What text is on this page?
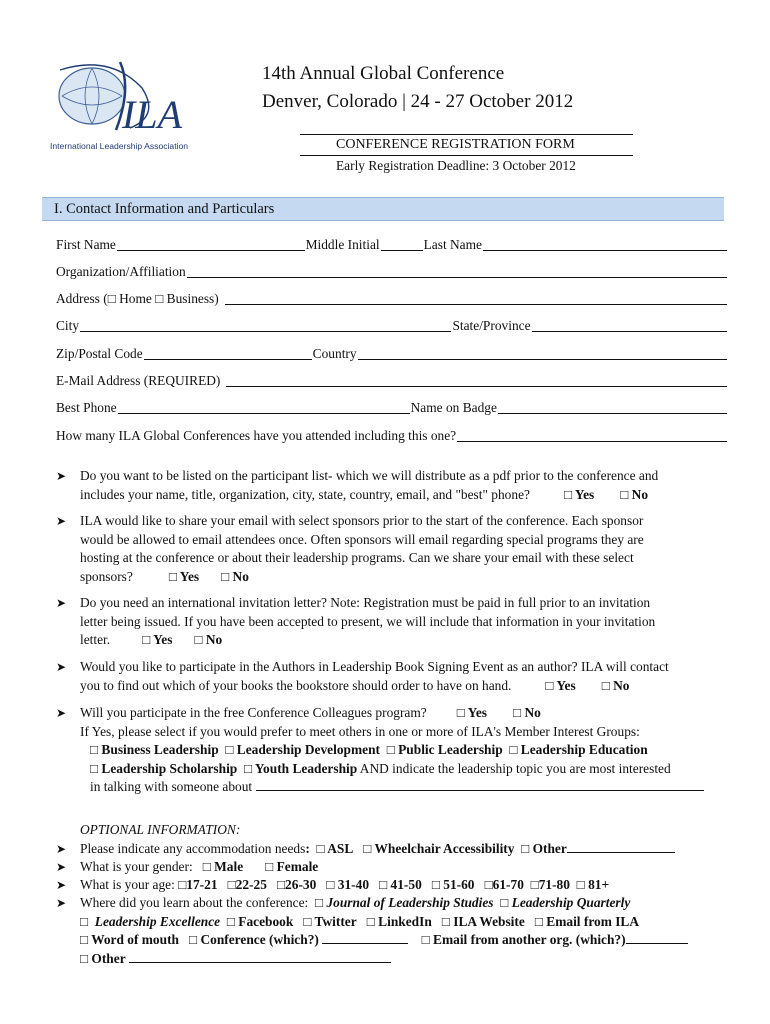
ILA
International Leadership Association
14th Annual Global Conference
Denver, Colorado | 24 - 27 October 2012
CONFERENCE REGISTRATION FORM
Early Registration Deadline: 3 October 2012
I. Contact Information and Particulars
First Name	Middle Initial	Last Name
Organization/Affiliation
Address (□ Home □ Business)
City	State/Province
Zip/Postal Code	Country
E-Mail Address (REQUIRED)
Best Phone	Name on Badge
How many ILA Global Conferences have you attended including this one?
➤ Do you want to be listed on the participant list- which we will distribute as a pdf prior to the conference and
includes your name, title, organization, city, state, country, email, and "best" phone?	□ Yes □ No
➤ ILA would like to share your email with select sponsors prior to the start of the conference. Each sponsor
would be allowed to email attendees once. Often sponsors will email regarding special programs they are
hosting at the conference or about their leadership programs. Can we share your email with these select
sponsors?	□ Yes □ No
➤ Do you need an international invitation letter? Note: Registration must be paid in full prior to an invitation
letter being issued. If you have been accepted to present, we will include that information in your invitation
letter. □ Yes □ No
➤ Would you like to participate in the Authors in Leadership Book Signing Event as an author? ILA will contact
you to find out which of your books the bookstore should order to have on hand.	□ Yes □ No
➤ Will you participate in the free Conference Colleagues program? □ Yes □ No
If Yes, please select if you would prefer to meet others in one or more of ILA's Member Interest Groups:
□ Business Leadership □ Leadership Development □ Public Leadership □ Leadership Education
□ Leadership Scholarship □ Youth Leadership AND indicate the leadership topic you are most interested
in talking with someone about
OPTIONAL INFORMATION:
➤ Please indicate any accommodation needs: □ ASL □ Wheelchair Accessibility □ Other
➤ What is your gender: □ Male □ Female
➤ What is your age: □17-21 □22-25 □26-30 □ 31-40 □ 41-50 □ 51-60 □61-70 □71-80 □ 81+
➤ Where did you learn about the conference: □ Journal of Leadership Studies □ Leadership Quarterly
□ Leadership Excellence □ Facebook □ Twitter □ LinkedIn □ ILA Website □ Email from ILA
□ Word of mouth □ Conference (which?)	□ Email from another org. (which?)
□ Other
